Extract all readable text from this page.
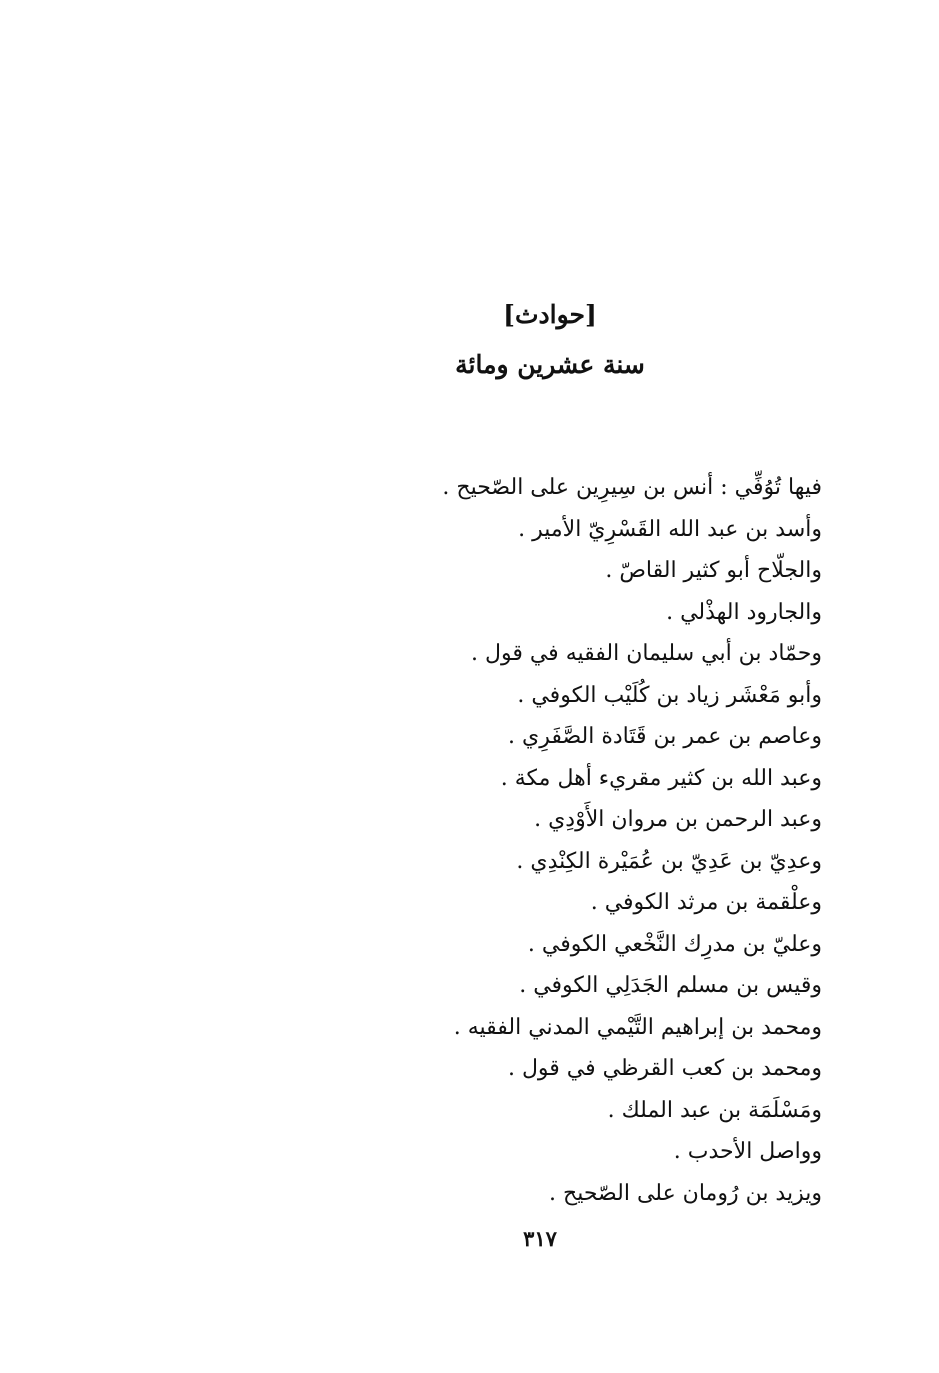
[حوادث]
سنة عشرين ومائة
فيها تُوُفِّي : أنس بن سِيرِين على الصّحيح .
وأسد بن عبد الله القَسْرِيّ الأمير .
والجلّاح أبو كثير القاصّ .
والجارود الهذْلي .
وحمّاد بن أبي سليمان الفقيه في قول .
وأبو مَعْشَر زياد بن كُلَيْب الكوفي .
وعاصم بن عمر بن قَتَادة الصَّفَرِي .
وعبد الله بن كثير مقريء أهل مكة .
وعبد الرحمن بن مروان الأَوْدِي .
وعدِيّ بن عَدِيّ بن عُمَيْرة الكِنْدِي .
وعلْقمة بن مرثد الكوفي .
وعليّ بن مدرِك النَّخْعي الكوفي .
وقيس بن مسلم الجَدَلِي الكوفي .
ومحمد بن إبراهيم التَّيْمي المدني الفقيه .
ومحمد بن كعب القرظي في قول .
ومَسْلَمَة بن عبد الملك .
وواصل الأحدب .
ويزيد بن رُومان على الصّحيح .
٣١٧
